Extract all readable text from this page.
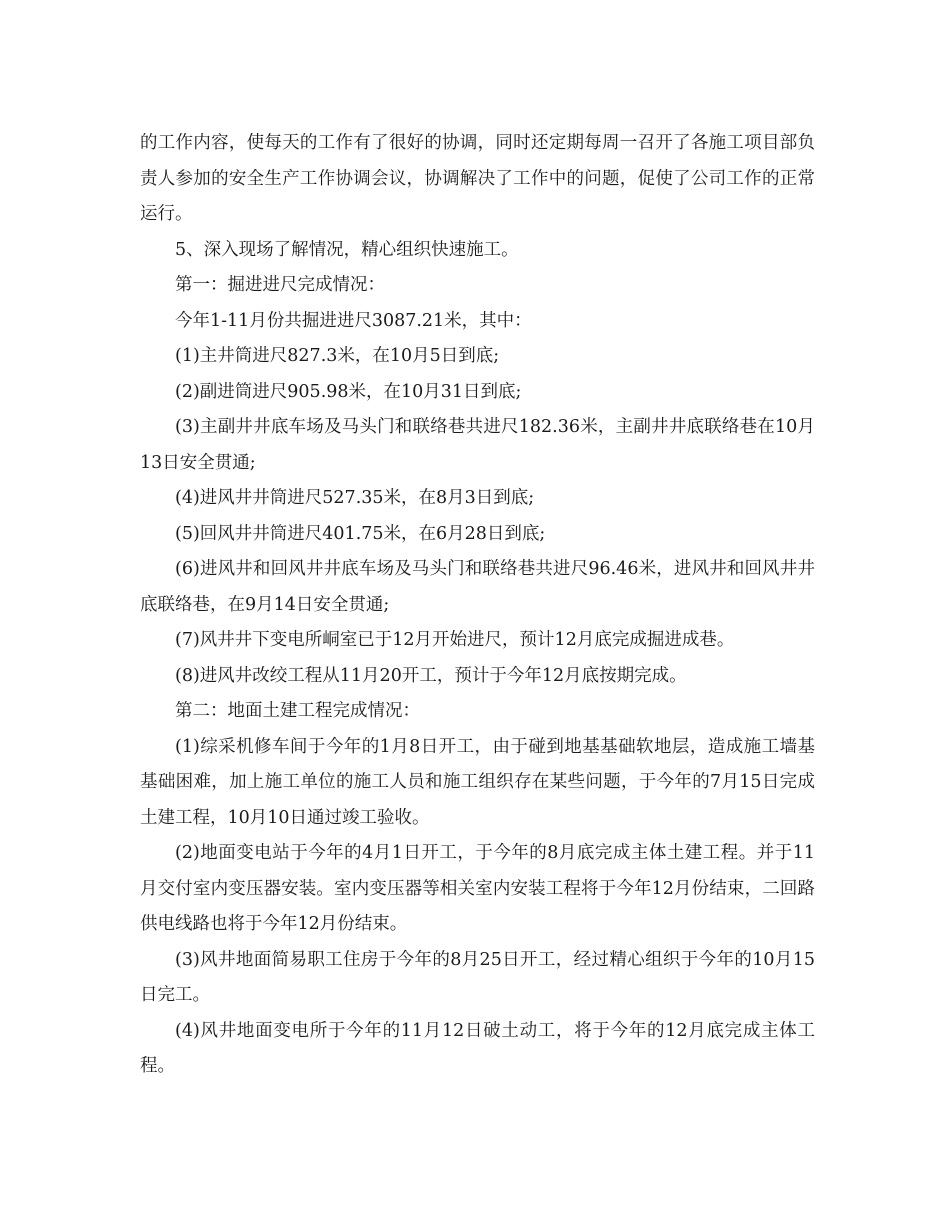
的工作内容，使每天的工作有了很好的协调，同时还定期每周一召开了各施工项目部负责人参加的安全生产工作协调会议，协调解决了工作中的问题，促使了公司工作的正常运行。

5、深入现场了解情况，精心组织快速施工。

第一：掘进进尺完成情况：

今年1-11月份共掘进进尺3087.21米，其中：

(1)主井筒进尺827.3米，在10月5日到底;

(2)副进筒进尺905.98米，在10月31日到底;

(3)主副井井底车场及马头门和联络巷共进尺182.36米，主副井井底联络巷在10月13日安全贯通;

(4)进风井井筒进尺527.35米，在8月3日到底;

(5)回风井井筒进尺401.75米，在6月28日到底;

(6)进风井和回风井井底车场及马头门和联络巷共进尺96.46米，进风井和回风井井底联络巷，在9月14日安全贯通;

(7)风井井下变电所峒室已于12月开始进尺，预计12月底完成掘进成巷。

(8)进风井改绞工程从11月20开工，预计于今年12月底按期完成。

第二：地面土建工程完成情况：

(1)综采机修车间于今年的1月8日开工，由于碰到地基基础软地层，造成施工墙基基础困难，加上施工单位的施工人员和施工组织存在某些问题，于今年的7月15日完成土建工程，10月10日通过竣工验收。

(2)地面变电站于今年的4月1日开工，于今年的8月底完成主体土建工程。并于11月交付室内变压器安装。室内变压器等相关室内安装工程将于今年12月份结束，二回路供电线路也将于今年12月份结束。

(3)风井地面简易职工住房于今年的8月25日开工，经过精心组织于今年的10月15日完工。

(4)风井地面变电所于今年的11月12日破土动工，将于今年的12月底完成主体工程。
